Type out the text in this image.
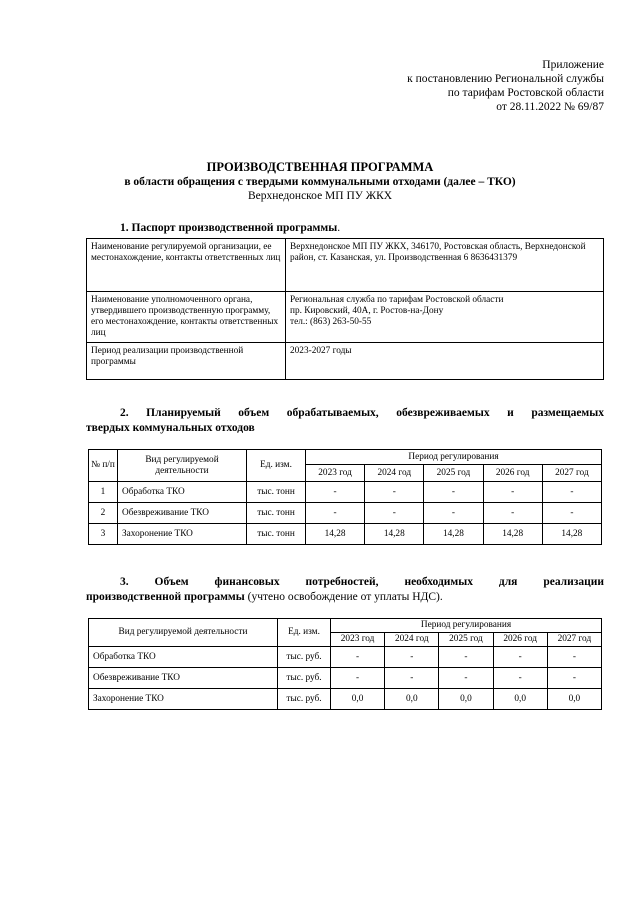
Приложение
к постановлению Региональной службы
по тарифам Ростовской области
от 28.11.2022 № 69/87
ПРОИЗВОДСТВЕННАЯ ПРОГРАММА
в области обращения с твердыми коммунальными отходами (далее – ТКО)
Верхнедонское МП ПУ ЖКХ
1. Паспорт производственной программы.
Наименование регулируемой организации, ее местонахождение, контакты ответственных лиц	Верхнедонское МП ПУ ЖКХ, 346170, Ростовская область, Верхнедонской район, ст. Казанская, ул. Производственная 6 8636431379
Наименование уполномоченного органа, утвердившего производственную программу, его местонахождение, контакты ответственных лиц	Региональная служба по тарифам Ростовской области
пр. Кировский, 40А, г. Ростов-на-Дону
тел.: (863) 263-50-55

Период реализации производственной программы	2023-2027 годы
2. Планируемый объем обрабатываемых, обезвреживаемых и размещаемых
твердых коммунальных отходов
№ п/п	Вид регулируемой деятельности	Ед. изм.	Период регулирования				
			2023 год	2024 год	2025 год	2026 год	2027 год
1	Обработка ТКО	тыс. тонн	-	-	-	-	-
2	Обезвреживание ТКО	тыс. тонн	-	-	-	-	-
3	Захоронение ТКО	тыс. тонн	14,28	14,28	14,28	14,28	14,28
3. Объем финансовых потребностей, необходимых для реализации
производственной программы (учтено освобождение от уплаты НДС).
Вид регулируемой деятельности	Ед. изм.	Период регулирования				
		2023 год	2024 год	2025 год	2026 год	2027 год
Обработка ТКО	тыс. руб.	-	-	-	-	-
Обезвреживание ТКО	тыс. руб.	-	-	-	-	-
Захоронение ТКО	тыс. руб.	0,0	0,0	0,0	0,0	0,0
